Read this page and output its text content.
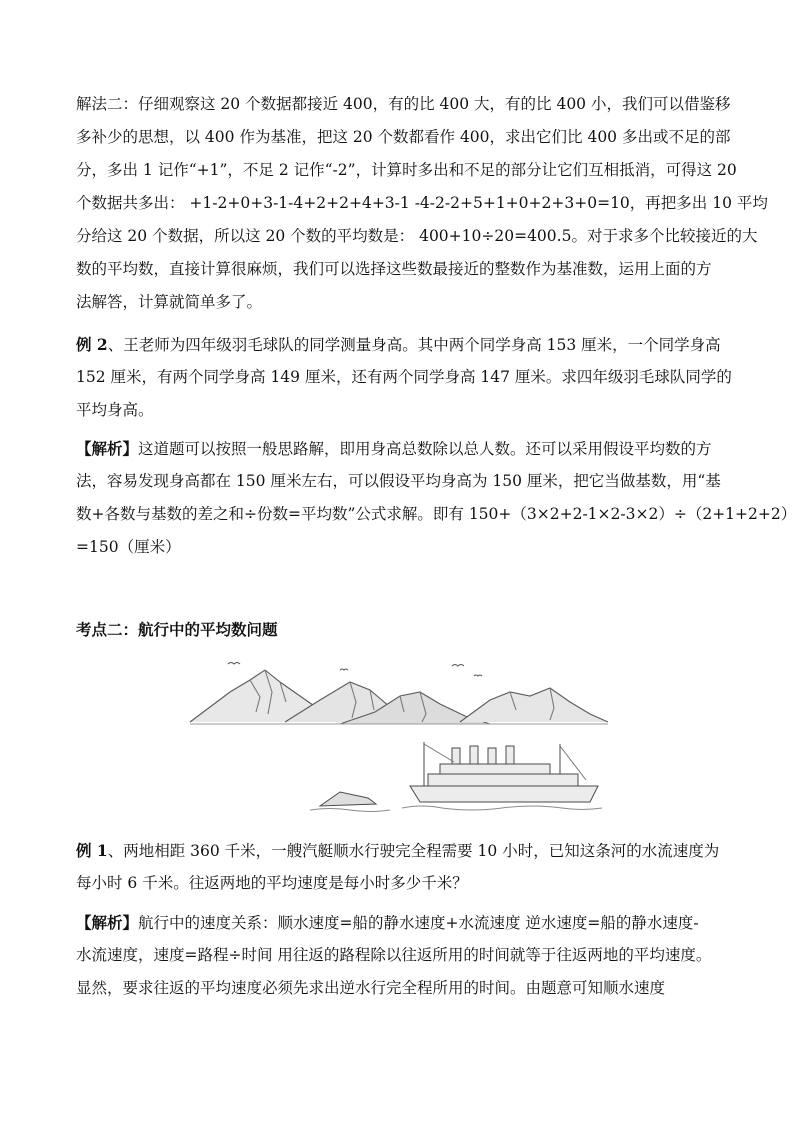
解法二：仔细观察这 20 个数据都接近 400，有的比 400 大，有的比 400 小，我们可以借鉴移
多补少的思想，以 400 作为基准，把这 20 个数都看作 400，求出它们比 400 多出或不足的部
分，多出 1 记作“+1”，不足 2 记作“-2”，计算时多出和不足的部分让它们互相抵消，可得这 20
个数据共多出： +1-2+0+3-1-4+2+2+4+3-1 -4-2-2+5+1+0+2+3+0=10，再把多出 10 平均
分给这 20 个数据，所以这 20 个数的平均数是： 400+10÷20=400.5。对于求多个比较接近的大
数的平均数，直接计算很麻烦，我们可以选择这些数最接近的整数作为基准数，运用上面的方
法解答，计算就简单多了。

例 2、王老师为四年级羽毛球队的同学测量身高。其中两个同学身高 153 厘米，一个同学身高
152 厘米，有两个同学身高 149 厘米，还有两个同学身高 147 厘米。求四年级羽毛球队同学的
平均身高。

【解析】这道题可以按照一般思路解，即用身高总数除以总人数。还可以采用假设平均数的方
法，容易发现身高都在 150 厘米左右，可以假设平均身高为 150 厘米，把它当做基数，用“基
数+各数与基数的差之和÷份数=平均数”公式求解。即有 150+（3×2+2-1×2-3×2）÷（2+1+2+2）
=150（厘米）

考点二：航行中的平均数问题

例 1、两地相距 360 千米，一艘汽艇顺水行驶完全程需要 10 小时，已知这条河的水流速度为
每小时 6 千米。往返两地的平均速度是每小时多少千米？

【解析】航行中的速度关系：顺水速度=船的静水速度+水流速度 逆水速度=船的静水速度-
水流速度，速度=路程÷时间 用往返的路程除以往返所用的时间就等于往返两地的平均速度。
显然，要求往返的平均速度必须先求出逆水行完全程所用的时间。由题意可知顺水速度
